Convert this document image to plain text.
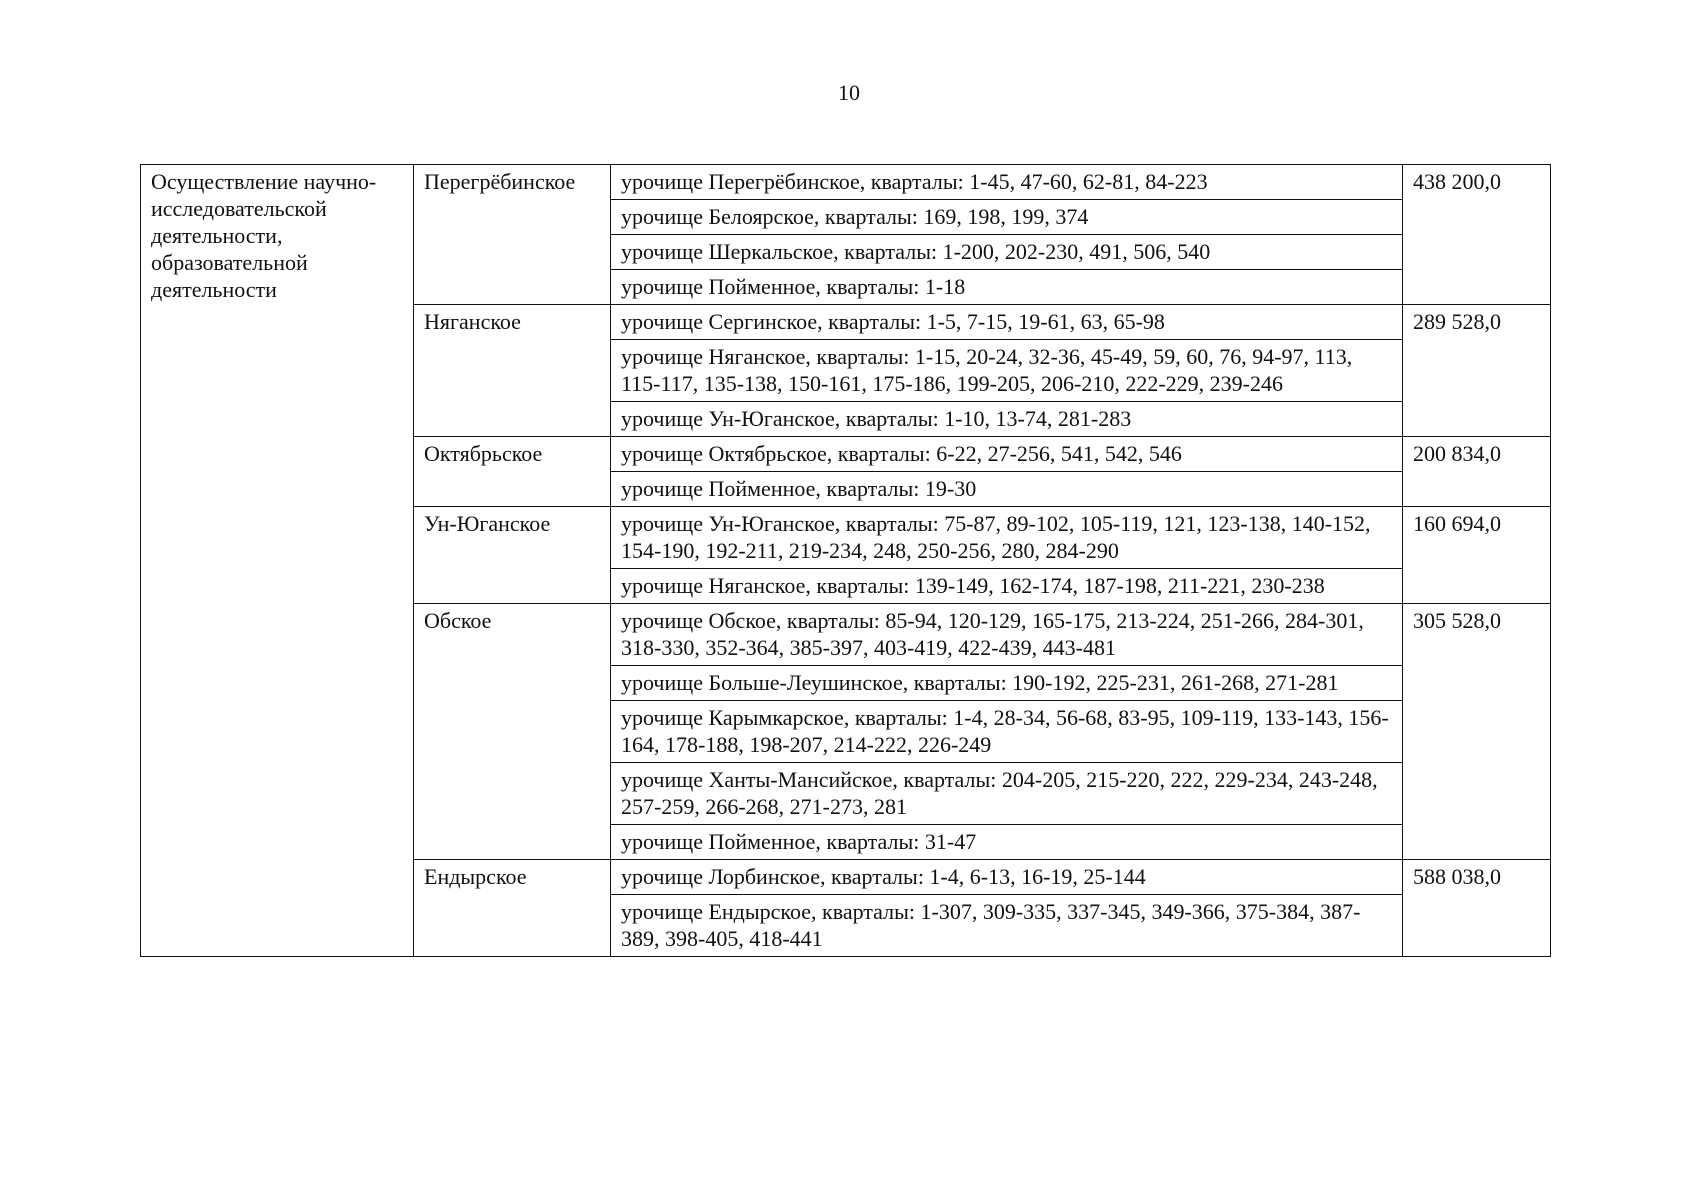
10
Осуществление научно-исследовательской деятельности, образовательной деятельности	Перегрёбинское	урочище Перегрёбинское, кварталы: 1-45, 47-60, 62-81, 84-223	438 200,0
		урочище Белоярское, кварталы: 169, 198, 199, 374	
		урочище Шеркальское, кварталы: 1-200, 202-230, 491, 506, 540	
		урочище Пойменное, кварталы: 1-18	
	Няганское	урочище Сергинское, кварталы: 1-5, 7-15, 19-61, 63, 65-98	289 528,0
		урочище Няганское, кварталы: 1-15, 20-24, 32-36, 45-49, 59, 60, 76, 94-97, 113, 115-117, 135-138, 150-161, 175-186, 199-205, 206-210, 222-229, 239-246	
		урочище Ун-Юганское, кварталы: 1-10, 13-74, 281-283	
	Октябрьское	урочище Октябрьское, кварталы: 6-22, 27-256, 541, 542, 546	200 834,0
		урочище Пойменное, кварталы: 19-30	
	Ун-Юганское	урочище Ун-Юганское, кварталы: 75-87, 89-102, 105-119, 121, 123-138, 140-152, 154-190, 192-211, 219-234, 248, 250-256, 280, 284-290	160 694,0
		урочище Няганское, кварталы: 139-149, 162-174, 187-198, 211-221, 230-238	
	Обское	урочище Обское, кварталы: 85-94, 120-129, 165-175, 213-224, 251-266, 284-301, 318-330, 352-364, 385-397, 403-419, 422-439, 443-481	305 528,0
		урочище Больше-Леушинское, кварталы: 190-192, 225-231, 261-268, 271-281	
		урочище Карымкарское, кварталы: 1-4, 28-34, 56-68, 83-95, 109-119, 133-143, 156-164, 178-188, 198-207, 214-222, 226-249	
		урочище Ханты-Мансийское, кварталы: 204-205, 215-220, 222, 229-234, 243-248, 257-259, 266-268, 271-273, 281	
		урочище Пойменное, кварталы: 31-47	
	Ендырское	урочище Лорбинское, кварталы: 1-4, 6-13, 16-19, 25-144	588 038,0
		урочище Ендырское, кварталы: 1-307, 309-335, 337-345, 349-366, 375-384, 387-389, 398-405, 418-441	
